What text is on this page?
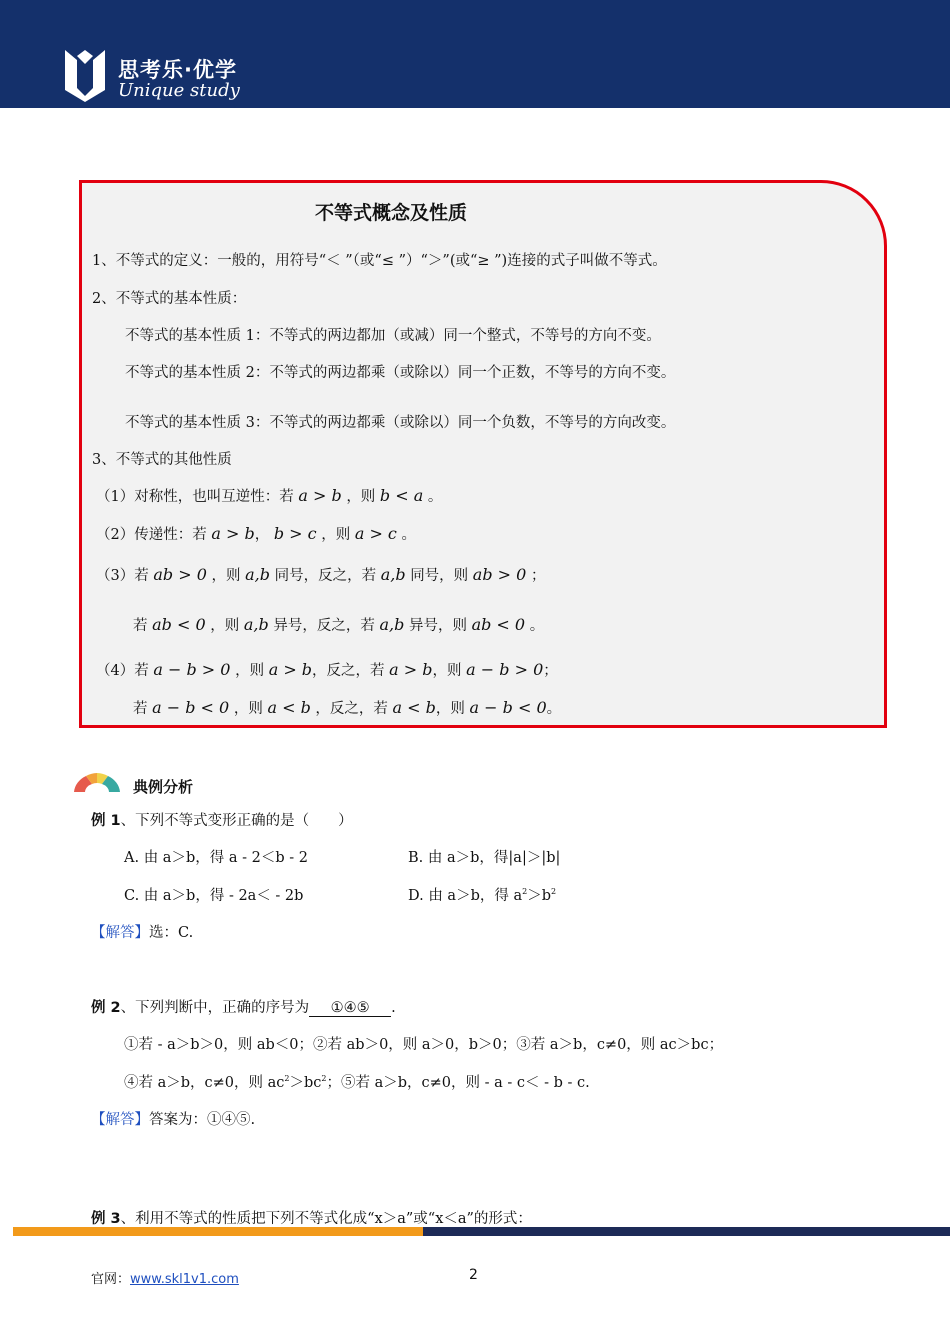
思考乐·优学
Unique study
不等式概念及性质
1、不等式的定义：一般的，用符号“＜ ”（或“≤ ”）“＞”(或“≥ ”)连接的式子叫做不等式。
2、不等式的基本性质：
不等式的基本性质 1：不等式的两边都加（或减）同一个整式，不等号的方向不变。
不等式的基本性质 2：不等式的两边都乘（或除以）同一个正数，不等号的方向不变。
不等式的基本性质 3：不等式的两边都乘（或除以）同一个负数，不等号的方向改变。
3、不等式的其他性质
（1）对称性，也叫互逆性：若 a > b ，则 b < a 。
（2）传递性：若 a > b， b > c ，则 a > c 。
（3）若 ab > 0 ，则 a,b 同号，反之，若 a,b 同号，则 ab > 0 ；
若 ab < 0 ，则 a,b 异号，反之，若 a,b 异号，则 ab < 0 。
（4）若 a − b > 0 ，则 a > b，反之，若 a > b，则 a − b > 0；
若 a − b < 0 ，则 a < b ，反之，若 a < b，则 a − b < 0。
典例分析
例 1、下列不等式变形正确的是（　　）
A. 由 a＞b，得 a - 2＜b - 2	B. 由 a＞b，得|a|＞|b|
C. 由 a＞b，得 - 2a＜ - 2b	D. 由 a＞b，得 $a^2>b^2$
【解答】选：C.
例 2、下列判断中，正确的序号为 ①④⑤ .
①若 - a＞b＞0，则 ab＜0；②若 ab＞0，则 a＞0，b＞0；③若 a＞b，c≠0，则 ac＞bc；
④若 a＞b，c≠0，则 $ac^2>bc^2$；⑤若 a＞b，c≠0，则 - a - c＜ - b - c.
【解答】答案为：①④⑤.
例 3、利用不等式的性质把下列不等式化成“x＞a”或“x＜a”的形式：
官网：www.skl1v1.com	2
